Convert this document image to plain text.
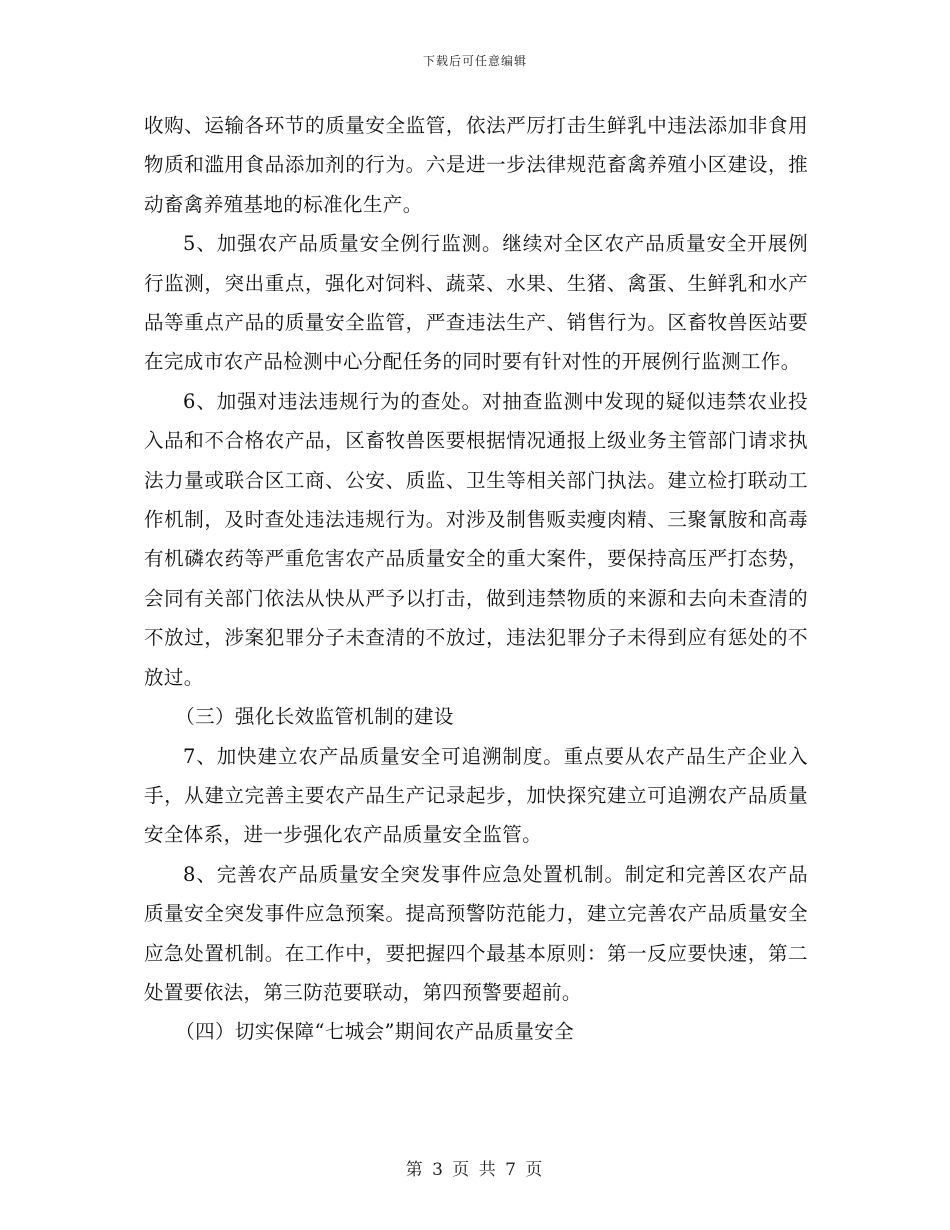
下载后可任意编辑

收购、运输各环节的质量安全监管，依法严厉打击生鲜乳中违法添加非食用物质和滥用食品添加剂的行为。六是进一步法律规范畜禽养殖小区建设，推动畜禽养殖基地的标准化生产。

5、加强农产品质量安全例行监测。继续对全区农产品质量安全开展例行监测，突出重点，强化对饲料、蔬菜、水果、生猪、禽蛋、生鲜乳和水产品等重点产品的质量安全监管，严查违法生产、销售行为。区畜牧兽医站要在完成市农产品检测中心分配任务的同时要有针对性的开展例行监测工作。

6、加强对违法违规行为的查处。对抽查监测中发现的疑似违禁农业投入品和不合格农产品，区畜牧兽医要根据情况通报上级业务主管部门请求执法力量或联合区工商、公安、质监、卫生等相关部门执法。建立检打联动工作机制，及时查处违法违规行为。对涉及制售贩卖瘦肉精、三聚氰胺和高毒有机磷农药等严重危害农产品质量安全的重大案件，要保持高压严打态势，会同有关部门依法从快从严予以打击，做到违禁物质的来源和去向未查清的不放过，涉案犯罪分子未查清的不放过，违法犯罪分子未得到应有惩处的不放过。

（三）强化长效监管机制的建设

7、加快建立农产品质量安全可追溯制度。重点要从农产品生产企业入手，从建立完善主要农产品生产记录起步，加快探究建立可追溯农产品质量安全体系，进一步强化农产品质量安全监管。

8、完善农产品质量安全突发事件应急处置机制。制定和完善区农产品质量安全突发事件应急预案。提高预警防范能力，建立完善农产品质量安全应急处置机制。在工作中，要把握四个最基本原则：第一反应要快速，第二处置要依法，第三防范要联动，第四预警要超前。

（四）切实保障“七城会”期间农产品质量安全

第 3 页 共 7 页
